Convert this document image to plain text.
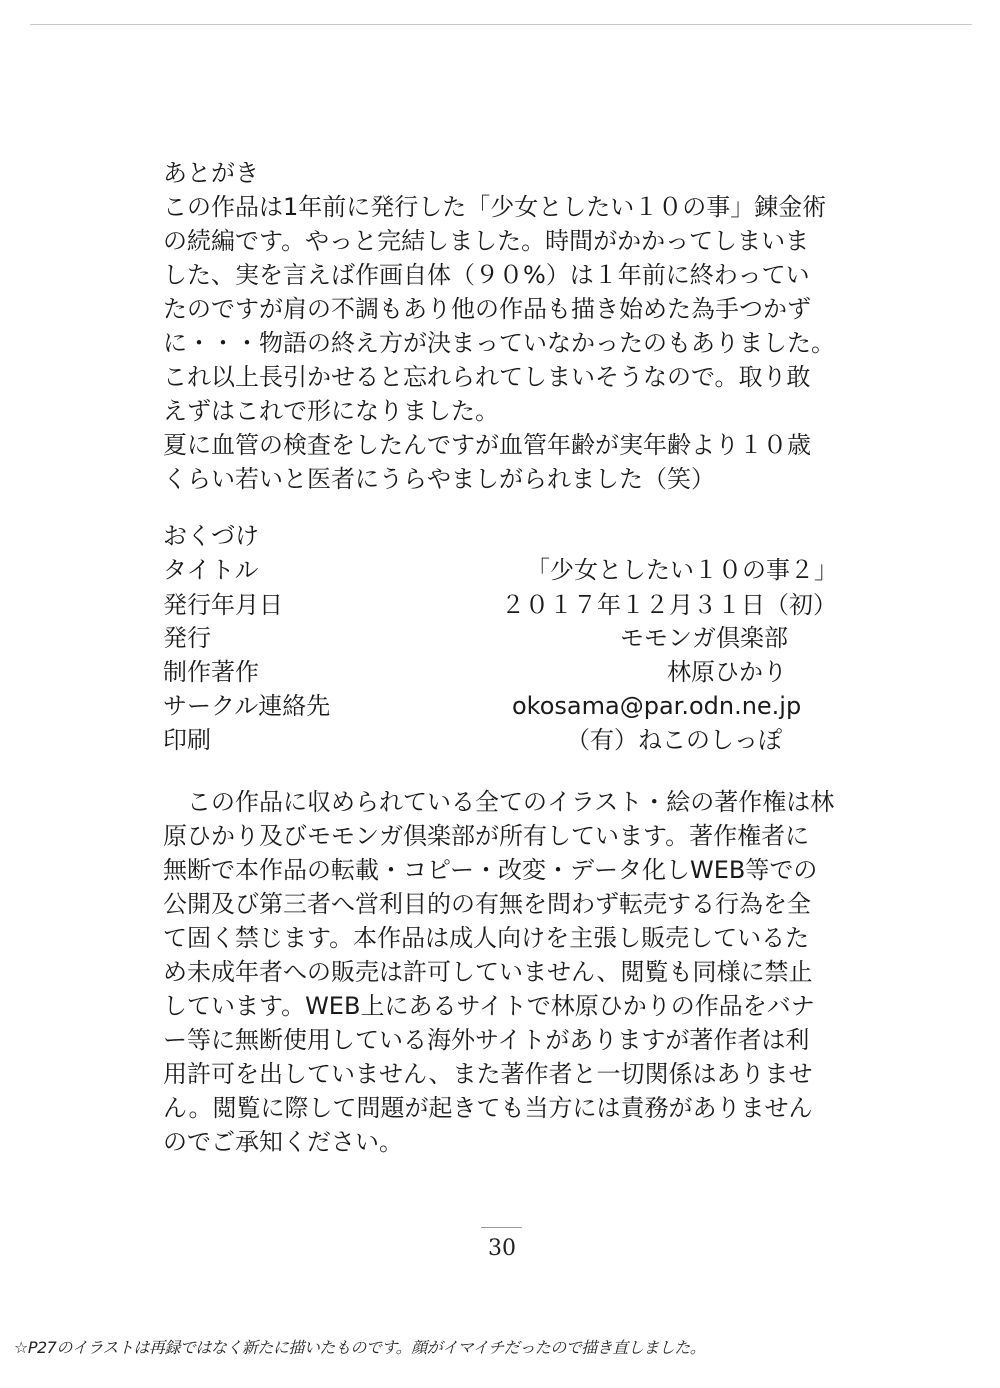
あとがき
この作品は1年前に発行した「少女としたい１０の事」錬金術
の続編です。やっと完結しました。時間がかかってしまいま
した、実を言えば作画自体（９０%）は１年前に終わってい
たのですが肩の不調もあり他の作品も描き始めた為手つかず
に・・・物語の終え方が決まっていなかったのもありました。
これ以上長引かせると忘れられてしまいそうなので。取り敢
えずはこれで形になりました。
夏に血管の検査をしたんですが血管年齢が実年齢より１０歳
くらい若いと医者にうらやましがられました（笑）
おくづけ
タイトル	「少女としたい１０の事２」
発行年月日	２０１７年１２月３１日（初）
発行	モモンガ倶楽部
制作著作	林原ひかり
サークル連絡先	okosama@par.odn.ne.jp
印刷	（有）ねこのしっぽ
　この作品に収められている全てのイラスト・絵の著作権は林
原ひかり及びモモンガ倶楽部が所有しています。著作権者に
無断で本作品の転載・コピー・改変・データ化しWEB等での
公開及び第三者へ営利目的の有無を問わず転売する行為を全
て固く禁じます。本作品は成人向けを主張し販売しているた
め未成年者への販売は許可していません、閲覧も同様に禁止
しています。WEB上にあるサイトで林原ひかりの作品をバナ
ー等に無断使用している海外サイトがありますが著作者は利
用許可を出していません、また著作者と一切関係はありませ
ん。閲覧に際して問題が起きても当方には責務がありません
のでご承知ください。
30
☆P27のイラストは再録ではなく新たに描いたものです。顔がイマイチだったので描き直しました。
